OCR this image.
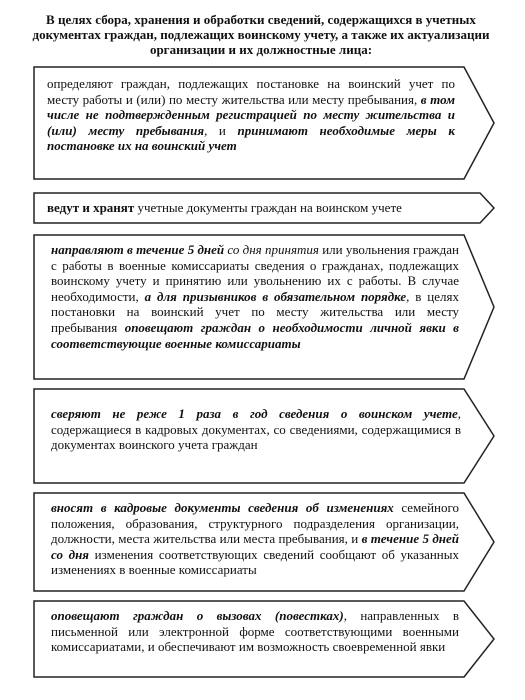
В целях сбора, хранения и обработки сведений, содержащихся в учетных документах граждан, подлежащих воинскому учету, а также их актуализации организации и их должностные лица:
определяют граждан, подлежащих постановке на воинский учет по месту работы и (или) по месту жительства или месту пребывания, в том числе не подтвержденным регистрацией по месту жительства и (или) месту пребывания, и принимают необходимые меры к постановке их на воинский учет
ведут и хранят учетные документы граждан на воинском учете
направляют в течение 5 дней со дня принятия или увольнения граждан с работы в военные комиссариаты сведения о гражданах, подлежащих воинскому учету и принятию или увольнению их с работы. В случае необходимости, а для призывников в обязательном порядке, в целях постановки на воинский учет по месту жительства или месту пребывания оповещают граждан о необходимости личной явки в соответствующие военные комиссариаты
сверяют не реже 1 раза в год сведения о воинском учете, содержащиеся в кадровых документах, со сведениями, содержащимися в документах воинского учета граждан
вносят в кадровые документы сведения об изменениях семейного положения, образования, структурного подразделения организации, должности, места жительства или места пребывания, и в течение 5 дней со дня изменения соответствующих сведений сообщают об указанных изменениях в военные комиссариаты
оповещают граждан о вызовах (повестках), направленных в письменной или электронной форме соответствующими военными комиссариатами, и обеспечивают им возможность своевременной явки
